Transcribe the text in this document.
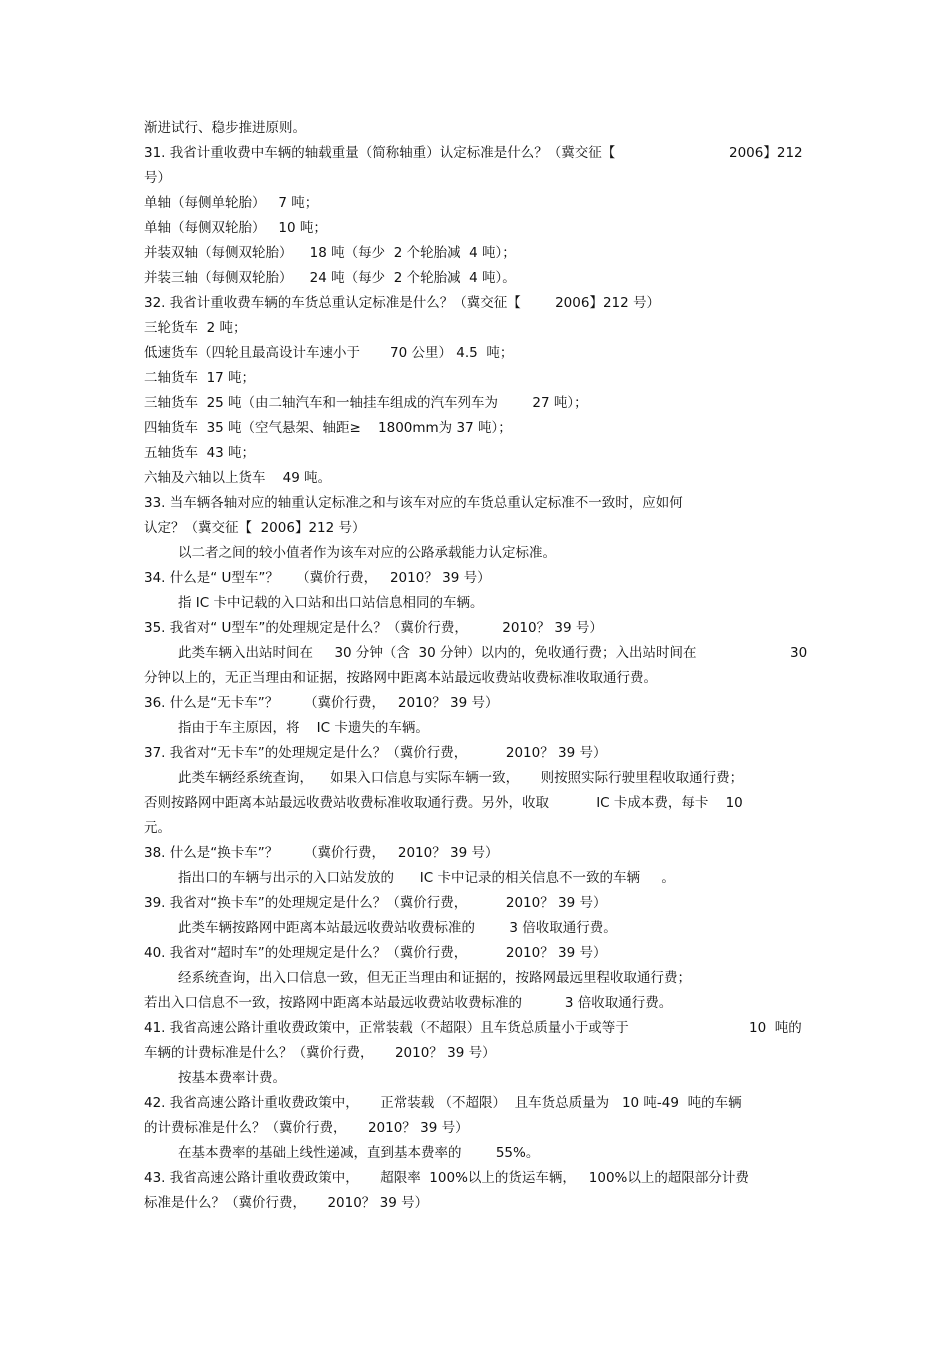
渐进试行、稳步推进原则。
31. 我省计重收费中车辆的轴载重量（简称轴重）认定标准是什么？（冀交征【	2006】212
号）
单轴（每侧单轮胎）   7 吨；
单轴（每侧双轮胎）   10 吨；
并装双轴（每侧双轮胎）    18 吨（每少  2 个轮胎减  4 吨）；
并装三轴（每侧双轮胎）    24 吨（每少  2 个轮胎减  4 吨）。
32. 我省计重收费车辆的车货总重认定标准是什么？（冀交征【        2006】212 号）
三轮货车  2 吨；
低速货车（四轮且最高设计车速小于       70 公里） 4.5  吨；
二轴货车  17 吨；
三轴货车  25 吨（由二轴汽车和一轴挂车组成的汽车列车为        27 吨）；
四轴货车  35 吨（空气悬架、轴距≥    1800mm为 37 吨）；
五轴货车  43 吨；
六轴及六轴以上货车    49 吨。
33. 当车辆各轴对应的轴重认定标准之和与该车对应的车货总重认定标准不一致时，应如何
认定？（冀交征【  2006】212 号）
以二者之间的较小值者作为该车对应的公路承载能力认定标准。
34. 什么是“ U型车”？    （冀价行费，   2010？ 39 号）
指 IC 卡中记载的入口站和出口站信息相同的车辆。
35. 我省对“ U型车”的处理规定是什么？（冀价行费，        2010？ 39 号）
此类车辆入出站时间在     30 分钟（含  30 分钟）以内的，免收通行费；入出站时间在	30
分钟以上的，无正当理由和证据，按路网中距离本站最远收费站收费标准收取通行费。
36. 什么是“无卡车”？      （冀价行费，   2010？ 39 号）
指由于车主原因，将    IC 卡遗失的车辆。
37. 我省对“无卡车”的处理规定是什么？（冀价行费，         2010？ 39 号）
此类车辆经系统查询，    如果入口信息与实际车辆一致，     则按照实际行驶里程收取通行费；
否则按路网中距离本站最远收费站收费标准收取通行费。另外，收取           IC 卡成本费，每卡    10
元。
38. 什么是“换卡车”？      （冀价行费，   2010？ 39 号）
指出口的车辆与出示的入口站发放的      IC 卡中记录的相关信息不一致的车辆     。
39. 我省对“换卡车”的处理规定是什么？（冀价行费，         2010？ 39 号）
此类车辆按路网中距离本站最远收费站收费标准的        3 倍收取通行费。
40. 我省对“超时车”的处理规定是什么？（冀价行费，         2010？ 39 号）
经系统查询，出入口信息一致，但无正当理由和证据的，按路网最远里程收取通行费；
若出入口信息不一致，按路网中距离本站最远收费站收费标准的          3 倍收取通行费。
41. 我省高速公路计重收费政策中，正常装载（不超限）且车货总质量小于或等于	10  吨的
车辆的计费标准是什么？（冀价行费，     2010？ 39 号）
按基本费率计费。
42. 我省高速公路计重收费政策中，     正常装载 （不超限）  且车货总质量为   10 吨-49  吨的车辆
的计费标准是什么？（冀价行费，     2010？ 39 号）
在基本费率的基础上线性递减，直到基本费率的        55%。
43. 我省高速公路计重收费政策中，     超限率  100%以上的货运车辆，   100%以上的超限部分计费
标准是什么？（冀价行费，     2010？ 39 号）
